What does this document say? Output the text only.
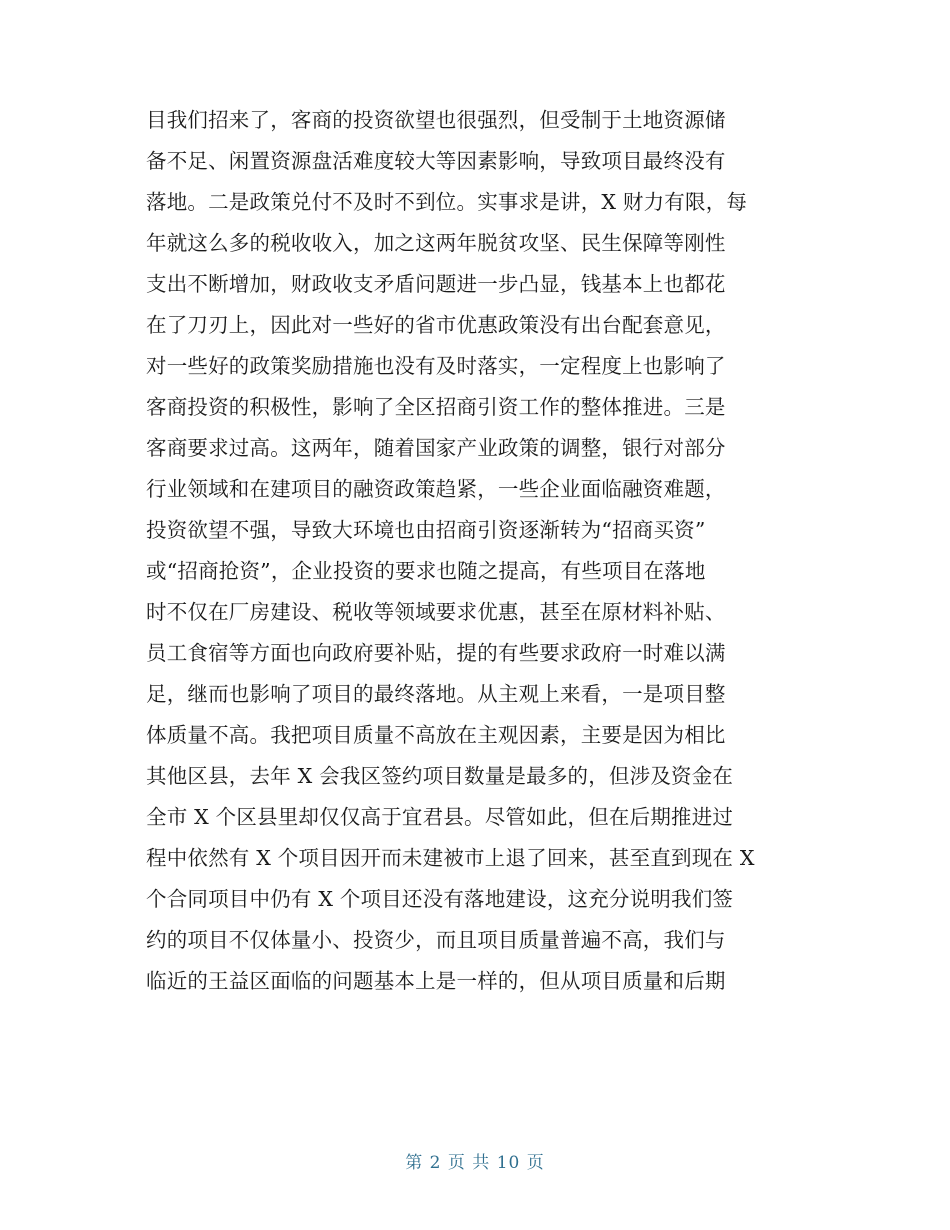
目我们招来了，客商的投资欲望也很强烈，但受制于土地资源储
备不足、闲置资源盘活难度较大等因素影响，导致项目最终没有
落地。二是政策兑付不及时不到位。实事求是讲，X 财力有限，每
年就这么多的税收收入，加之这两年脱贫攻坚、民生保障等刚性
支出不断增加，财政收支矛盾问题进一步凸显，钱基本上也都花
在了刀刃上，因此对一些好的省市优惠政策没有出台配套意见，
对一些好的政策奖励措施也没有及时落实，一定程度上也影响了
客商投资的积极性，影响了全区招商引资工作的整体推进。三是
客商要求过高。这两年，随着国家产业政策的调整，银行对部分
行业领域和在建项目的融资政策趋紧，一些企业面临融资难题，
投资欲望不强，导致大环境也由招商引资逐渐转为“招商买资”
或“招商抢资”，企业投资的要求也随之提高，有些项目在落地
时不仅在厂房建设、税收等领域要求优惠，甚至在原材料补贴、
员工食宿等方面也向政府要补贴，提的有些要求政府一时难以满
足，继而也影响了项目的最终落地。从主观上来看，一是项目整
体质量不高。我把项目质量不高放在主观因素，主要是因为相比
其他区县，去年 X 会我区签约项目数量是最多的，但涉及资金在
全市 X 个区县里却仅仅高于宜君县。尽管如此，但在后期推进过
程中依然有 X 个项目因开而未建被市上退了回来，甚至直到现在 X
个合同项目中仍有 X 个项目还没有落地建设，这充分说明我们签
约的项目不仅体量小、投资少，而且项目质量普遍不高，我们与
临近的王益区面临的问题基本上是一样的，但从项目质量和后期
第 2 页 共 10 页
